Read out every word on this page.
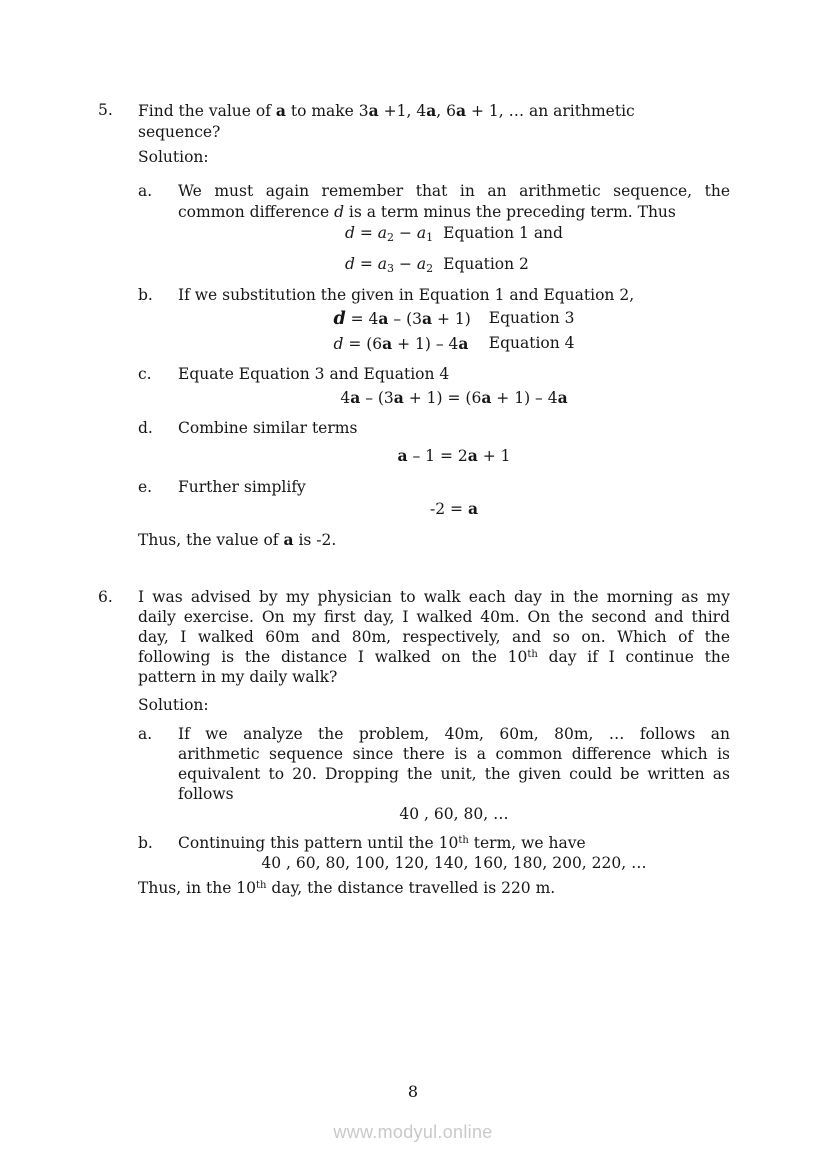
5.	Find the value of a to make 3a +1, 4a, 6a + 1, … an arithmetic
sequence?
Solution:
a.	We must again remember that in an arithmetic sequence, the
common difference d is a term minus the preceding term. Thus
$d = a_2 - a_1$ Equation 1 and
$d = a_3 - a_2$ Equation 2
b.	If we substitution the given in Equation 1 and Equation 2,
d = 4a – (3a + 1) Equation 3
d = (6a + 1) – 4a Equation 4
c.	Equate Equation 3 and Equation 4
4a – (3a + 1) = (6a + 1) – 4a
d.	Combine similar terms
a – 1 = 2a + 1
e.	Further simplify
-2 = a
Thus, the value of a is -2.
6.	I was advised by my physician to walk each day in the morning as my
daily exercise. On my first day, I walked 40m. On the second and third
day, I walked 60m and 80m, respectively, and so on. Which of the
following is the distance I walked on the 10th day if I continue the
pattern in my daily walk?
Solution:
a.	If we analyze the problem, 40m, 60m, 80m, … follows an
arithmetic sequence since there is a common difference which is
equivalent to 20. Dropping the unit, the given could be written as
follows
40 , 60, 80, …
b.	Continuing this pattern until the 10th term, we have
40 , 60, 80, 100, 120, 140, 160, 180, 200, 220, …
Thus, in the 10th day, the distance travelled is 220 m.
8
www.modyul.online
